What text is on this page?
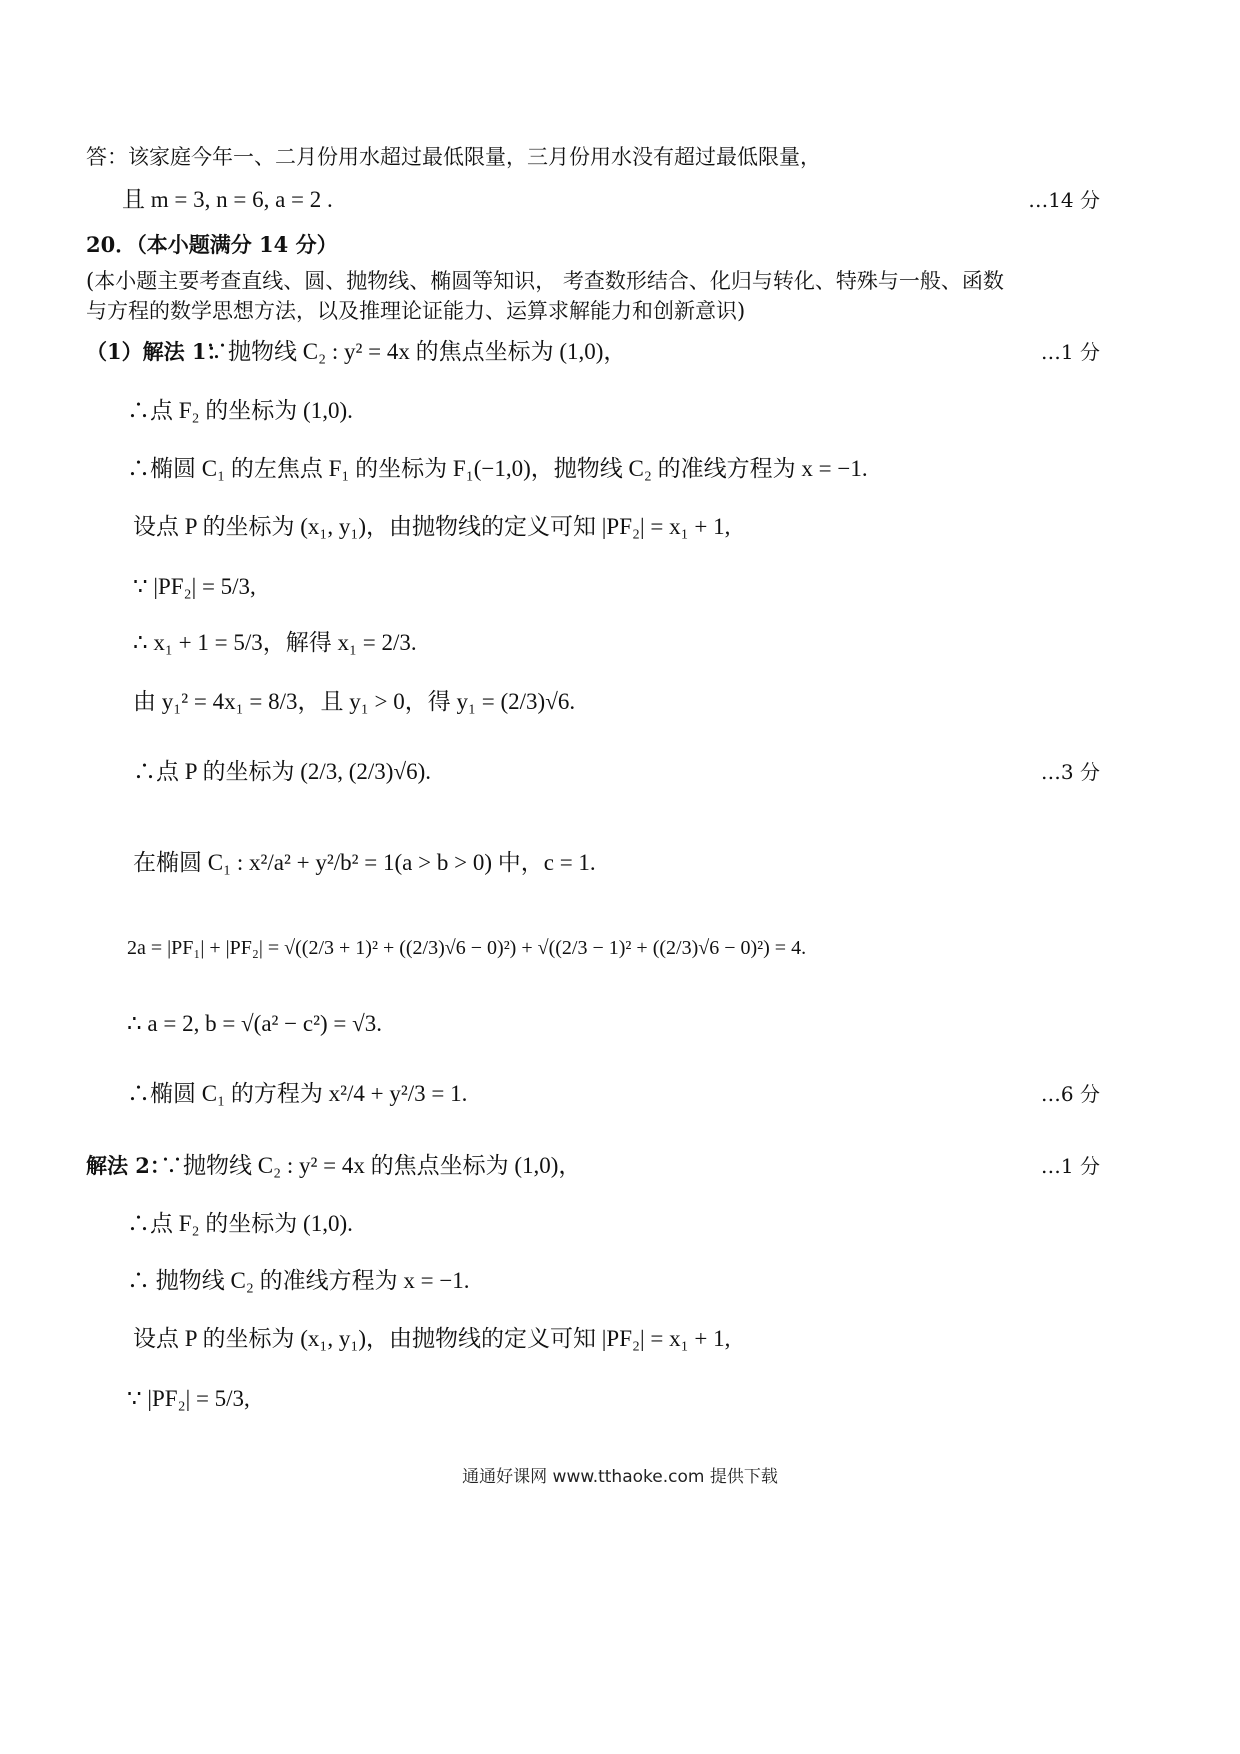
答：该家庭今年一、二月份用水超过最低限量，三月份用水没有超过最低限量，
且 m = 3, n = 6, a = 2 .	…14 分
20．（本小题满分 14 分）
(本小题主要考查直线、圆、抛物线、椭圆等知识， 考查数形结合、化归与转化、特殊与一般、函数
与方程的数学思想方法，以及推理论证能力、运算求解能力和创新意识)
（1）解法 1：
∵抛物线 C₂ : y² = 4x 的焦点坐标为 (1,0)，	…1 分
∴点 F₂ 的坐标为 (1,0).
∴椭圆 C₁ 的左焦点 F₁ 的坐标为 F₁(−1,0)，抛物线 C₂ 的准线方程为 x = −1.
设点 P 的坐标为 (x₁, y₁)，由抛物线的定义可知 |PF₂| = x₁ + 1,
∵ |PF₂| = 5/3,
∴ x₁ + 1 = 5/3，解得 x₁ = 2/3.
由 y₁² = 4x₁ = 8/3，且 y₁ > 0，得 y₁ = (2/3)√6.
∴点 P 的坐标为 (2/3, (2/3)√6).	…3 分
在椭圆 C₁ : x²/a² + y²/b² = 1(a > b > 0) 中，c = 1.
2a = |PF₁| + |PF₂| = √((2/3 + 1)² + ((2/3)√6 − 0)²) + √((2/3 − 1)² + ((2/3)√6 − 0)²) = 4.
∴ a = 2, b = √(a² − c²) = √3.
∴椭圆 C₁ 的方程为 x²/4 + y²/3 = 1.	…6 分
解法 2：
∵抛物线 C₂ : y² = 4x 的焦点坐标为 (1,0)，	…1 分
∴点 F₂ 的坐标为 (1,0).
∴ 抛物线 C₂ 的准线方程为 x = −1.
设点 P 的坐标为 (x₁, y₁)，由抛物线的定义可知 |PF₂| = x₁ + 1,
∵ |PF₂| = 5/3,
通通好课网 www.tthaoke.com 提供下载
